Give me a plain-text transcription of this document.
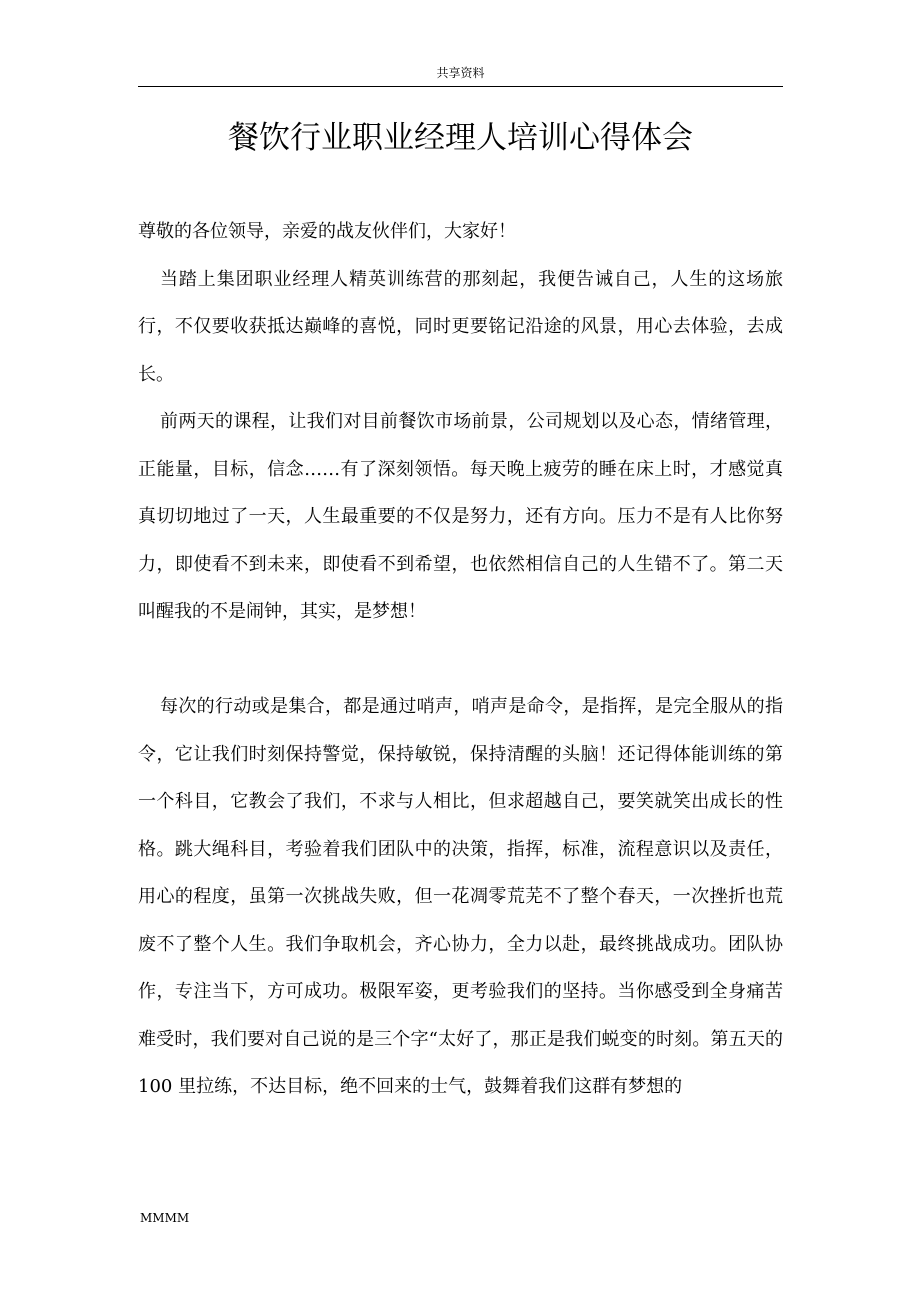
共享资料
餐饮行业职业经理人培训心得体会

尊敬的各位领导，亲爱的战友伙伴们，大家好！

当踏上集团职业经理人精英训练营的那刻起，我便告诫自己，人生的这场旅行，不仅要收获抵达巅峰的喜悦，同时更要铭记沿途的风景，用心去体验，去成长。

前两天的课程，让我们对目前餐饮市场前景，公司规划以及心态，情绪管理，正能量，目标，信念……有了深刻领悟。每天晚上疲劳的睡在床上时，才感觉真真切切地过了一天，人生最重要的不仅是努力，还有方向。压力不是有人比你努力，即使看不到未来，即使看不到希望，也依然相信自己的人生错不了。第二天叫醒我的不是闹钟，其实，是梦想！

每次的行动或是集合，都是通过哨声，哨声是命令，是指挥，是完全服从的指令，它让我们时刻保持警觉，保持敏锐，保持清醒的头脑！还记得体能训练的第一个科目，它教会了我们，不求与人相比，但求超越自己，要笑就笑出成长的性格。跳大绳科目，考验着我们团队中的决策，指挥，标准，流程意识以及责任，用心的程度，虽第一次挑战失败，但一花凋零荒芜不了整个春天，一次挫折也荒废不了整个人生。我们争取机会，齐心协力，全力以赴，最终挑战成功。团队协作，专注当下，方可成功。极限军姿，更考验我们的坚持。当你感受到全身痛苦难受时，我们要对自己说的是三个字“太好了，那正是我们蜕变的时刻。第五天的 100 里拉练，不达目标，绝不回来的士气，鼓舞着我们这群有梦想的

MMMM
